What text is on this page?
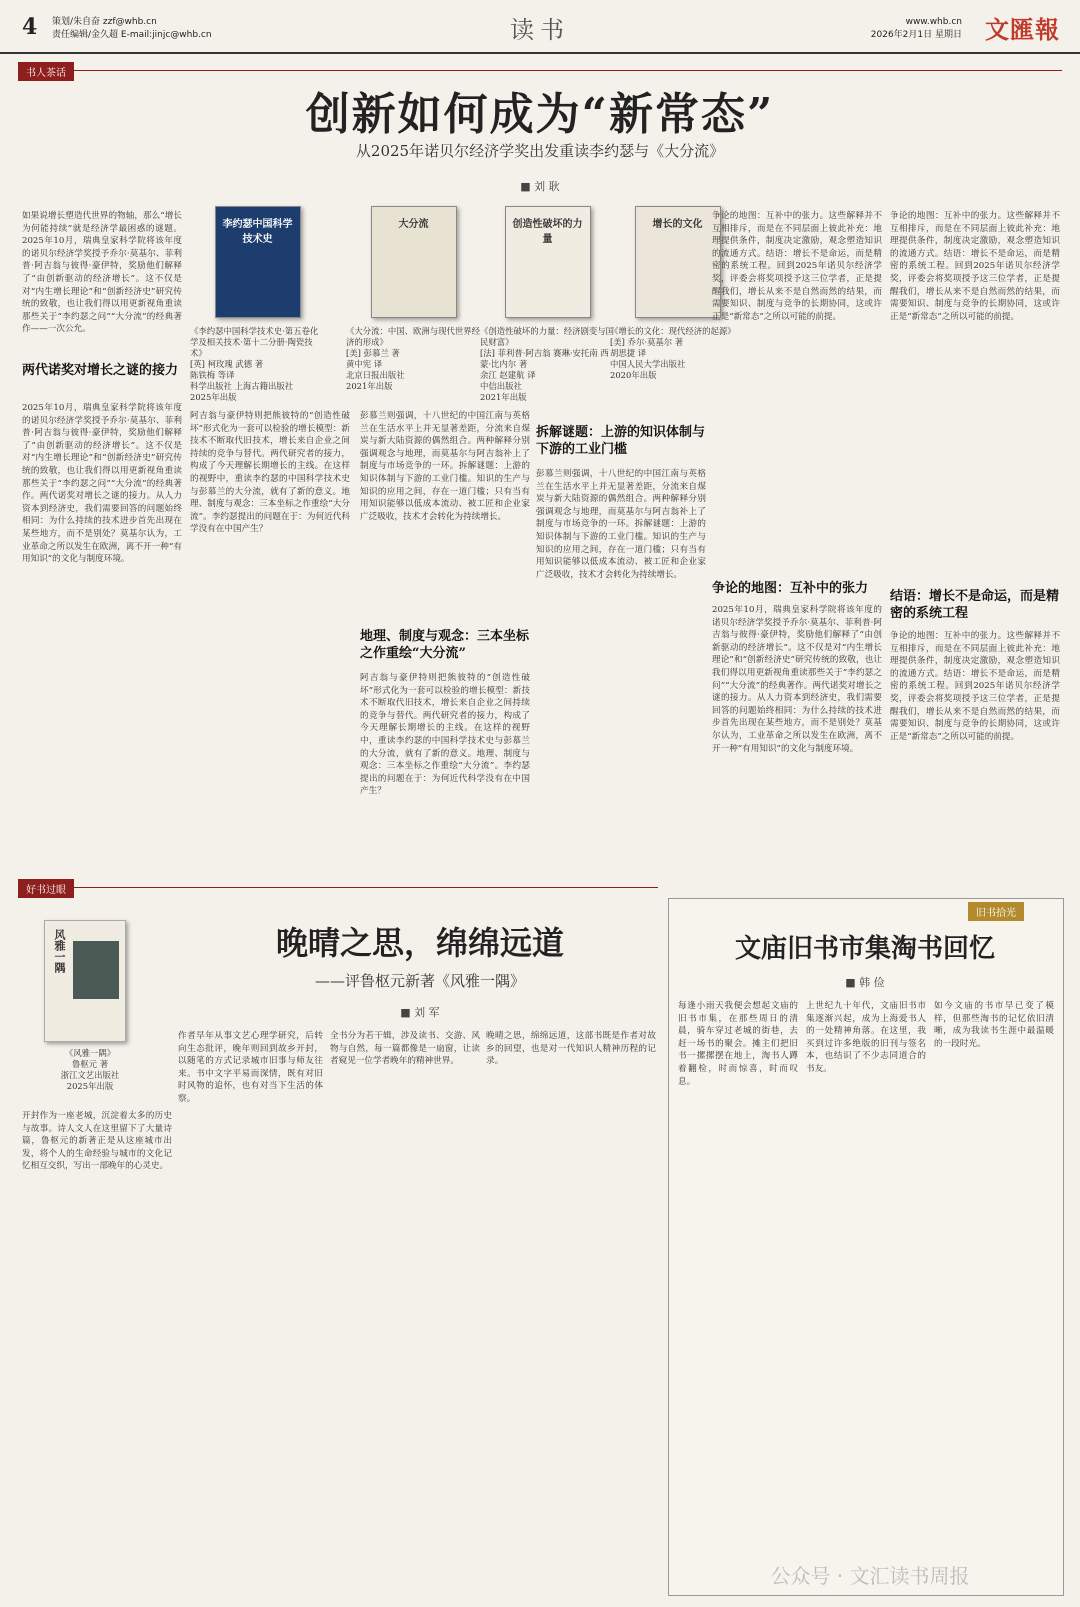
4 策划/朱自奋 zzf@whb.cn
责任编辑/金久超 E-mail:jinjc@whb.cn	读书	www.whb.cn
2026年2月1日 星期日 文匯報
书人茶话
创新如何成为“新常态”
从2025年诺贝尔经济学奖出发重读李约瑟与《大分流》
■ 刘 耿
如果说增长塑造代世界的物轴，那么“增长为何能持续”就是经济学最困惑的谜题。2025年10月，瑞典皇家科学院将该年度的诺贝尔经济学奖授予乔尔·莫基尔、菲利普·阿吉翁与彼得·豪伊特，奖励他们解释了“由创新驱动的经济增长”。这不仅是对“内生增长理论”和“创新经济史”研究传统的致敬，也让我们得以用更新视角重读那些关于“李约瑟之问”“大分流”的经典著作——一次公允。
两代诺奖对增长之谜的接力
2025年10月，瑞典皇家科学院将该年度的诺贝尔经济学奖授予乔尔·莫基尔、菲利普·阿吉翁与彼得·豪伊特，奖励他们解释了“由创新驱动的经济增长”。这不仅是对“内生增长理论”和“创新经济史”研究传统的致敬，也让我们得以用更新视角重读那些关于“李约瑟之问”“大分流”的经典著作。两代诺奖对增长之谜的接力。从人力资本到经济史，我们需要回答的问题始终相同：为什么持续的技术进步首先出现在某些地方，而不是别处？莫基尔认为，工业革命之所以发生在欧洲，离不开一种“有用知识”的文化与制度环境。
李约瑟中国科学技术史
《李约瑟中国科学技术史·第五卷化学及相关技术·第十二分册·陶瓷技术》
[英] 柯玫瑰 武德 著
陈铁梅 等译
科学出版社 上海古籍出版社
2025年出版
大分流
《大分流：中国、欧洲与现代世界经济的形成》
[美] 彭慕兰 著
黄中宪 译
北京日报出版社
2021年出版
创造性破坏的力量
《创造性破坏的力量：经济剧变与国民财富》
[法] 菲利普·阿吉翁 赛琳·安托南 西蒙·比内尔 著
余江 赵建航 译
中信出版社
2021年出版
增长的文化
《增长的文化：现代经济的起源》
[美] 乔尔·莫基尔 著
胡思捷 译
中国人民大学出版社
2020年出版
阿吉翁与豪伊特则把熊彼特的“创造性破坏”形式化为一套可以检验的增长模型：新技术不断取代旧技术，增长来自企业之间持续的竞争与替代。两代研究者的接力，构成了今天理解长期增长的主线。在这样的视野中，重读李约瑟的中国科学技术史与彭慕兰的大分流，就有了新的意义。地理、制度与观念：三本坐标之作重绘“大分流”。李约瑟提出的问题在于：为何近代科学没有在中国产生？
地理、制度与观念：三本坐标之作重绘“大分流”
彭慕兰则强调，十八世纪的中国江南与英格兰在生活水平上并无显著差距，分流来自煤炭与新大陆资源的偶然组合。两种解释分别强调观念与地理，而莫基尔与阿吉翁补上了制度与市场竞争的一环。拆解谜题：上游的知识体制与下游的工业门槛。知识的生产与知识的应用之间，存在一道门槛；只有当有用知识能够以低成本流动、被工匠和企业家广泛吸收，技术才会转化为持续增长。
阿吉翁与豪伊特则把熊彼特的“创造性破坏”形式化为一套可以检验的增长模型：新技术不断取代旧技术，增长来自企业之间持续的竞争与替代。两代研究者的接力，构成了今天理解长期增长的主线。在这样的视野中，重读李约瑟的中国科学技术史与彭慕兰的大分流，就有了新的意义。地理、制度与观念：三本坐标之作重绘“大分流”。李约瑟提出的问题在于：为何近代科学没有在中国产生？
拆解谜题：上游的知识体制与下游的工业门槛
彭慕兰则强调，十八世纪的中国江南与英格兰在生活水平上并无显著差距，分流来自煤炭与新大陆资源的偶然组合。两种解释分别强调观念与地理，而莫基尔与阿吉翁补上了制度与市场竞争的一环。拆解谜题：上游的知识体制与下游的工业门槛。知识的生产与知识的应用之间，存在一道门槛；只有当有用知识能够以低成本流动、被工匠和企业家广泛吸收，技术才会转化为持续增长。
争论的地图：互补中的张力。这些解释并不互相排斥，而是在不同层面上彼此补充：地理提供条件，制度决定激励，观念塑造知识的流通方式。结语：增长不是命运，而是精密的系统工程。回到2025年诺贝尔经济学奖，评委会将奖项授予这三位学者，正是提醒我们，增长从来不是自然而然的结果，而需要知识、制度与竞争的长期协同，这或许正是“新常态”之所以可能的前提。
争论的地图：互补中的张力
2025年10月，瑞典皇家科学院将该年度的诺贝尔经济学奖授予乔尔·莫基尔、菲利普·阿吉翁与彼得·豪伊特，奖励他们解释了“由创新驱动的经济增长”。这不仅是对“内生增长理论”和“创新经济史”研究传统的致敬，也让我们得以用更新视角重读那些关于“李约瑟之问”“大分流”的经典著作。两代诺奖对增长之谜的接力。从人力资本到经济史，我们需要回答的问题始终相同：为什么持续的技术进步首先出现在某些地方，而不是别处？莫基尔认为，工业革命之所以发生在欧洲，离不开一种“有用知识”的文化与制度环境。
争论的地图：互补中的张力。这些解释并不互相排斥，而是在不同层面上彼此补充：地理提供条件，制度决定激励，观念塑造知识的流通方式。结语：增长不是命运，而是精密的系统工程。回到2025年诺贝尔经济学奖，评委会将奖项授予这三位学者，正是提醒我们，增长从来不是自然而然的结果，而需要知识、制度与竞争的长期协同，这或许正是“新常态”之所以可能的前提。
结语：增长不是命运，而是精密的系统工程
争论的地图：互补中的张力。这些解释并不互相排斥，而是在不同层面上彼此补充：地理提供条件，制度决定激励，观念塑造知识的流通方式。结语：增长不是命运，而是精密的系统工程。回到2025年诺贝尔经济学奖，评委会将奖项授予这三位学者，正是提醒我们，增长从来不是自然而然的结果，而需要知识、制度与竞争的长期协同，这或许正是“新常态”之所以可能的前提。
好书过眼
晚晴之思，绵绵远道
——评鲁枢元新著《风雅一隅》
■ 刘 军
风雅一隅
《风雅一隅》
鲁枢元 著
浙江文艺出版社
2025年出版
开封作为一座老城，沉淀着太多的历史与故事。诗人文人在这里留下了大量诗篇，鲁枢元的新著正是从这座城市出发，将个人的生命经验与城市的文化记忆相互交织，写出一部晚年的心灵史。
作者早年从事文艺心理学研究，后转向生态批评，晚年则回到故乡开封，以随笔的方式记录城市旧事与师友往来。书中文字平易而深情，既有对旧时风物的追怀，也有对当下生活的体察。
全书分为若干辑，涉及读书、交游、风物与自然，每一篇都像是一扇窗，让读者窥见一位学者晚年的精神世界。
晚晴之思，绵绵远道，这部书既是作者对故乡的回望，也是对一代知识人精神历程的记录。
旧书拾光
文庙旧书市集淘书回忆
■ 韩 俭
每逢小雨天我便会想起文庙的旧书市集，在那些周日的清晨，骑车穿过老城的街巷，去赶一场书的聚会。摊主们把旧书一摞摞摆在地上，淘书人蹲着翻检，时而惊喜，时而叹息。
上世纪九十年代，文庙旧书市集逐渐兴起，成为上海爱书人的一处精神角落。在这里，我买到过许多绝版的旧刊与签名本，也结识了不少志同道合的书友。
如今文庙的书市早已变了模样，但那些淘书的记忆依旧清晰，成为我读书生涯中最温暖的一段时光。
公众号 · 文汇读书周报
